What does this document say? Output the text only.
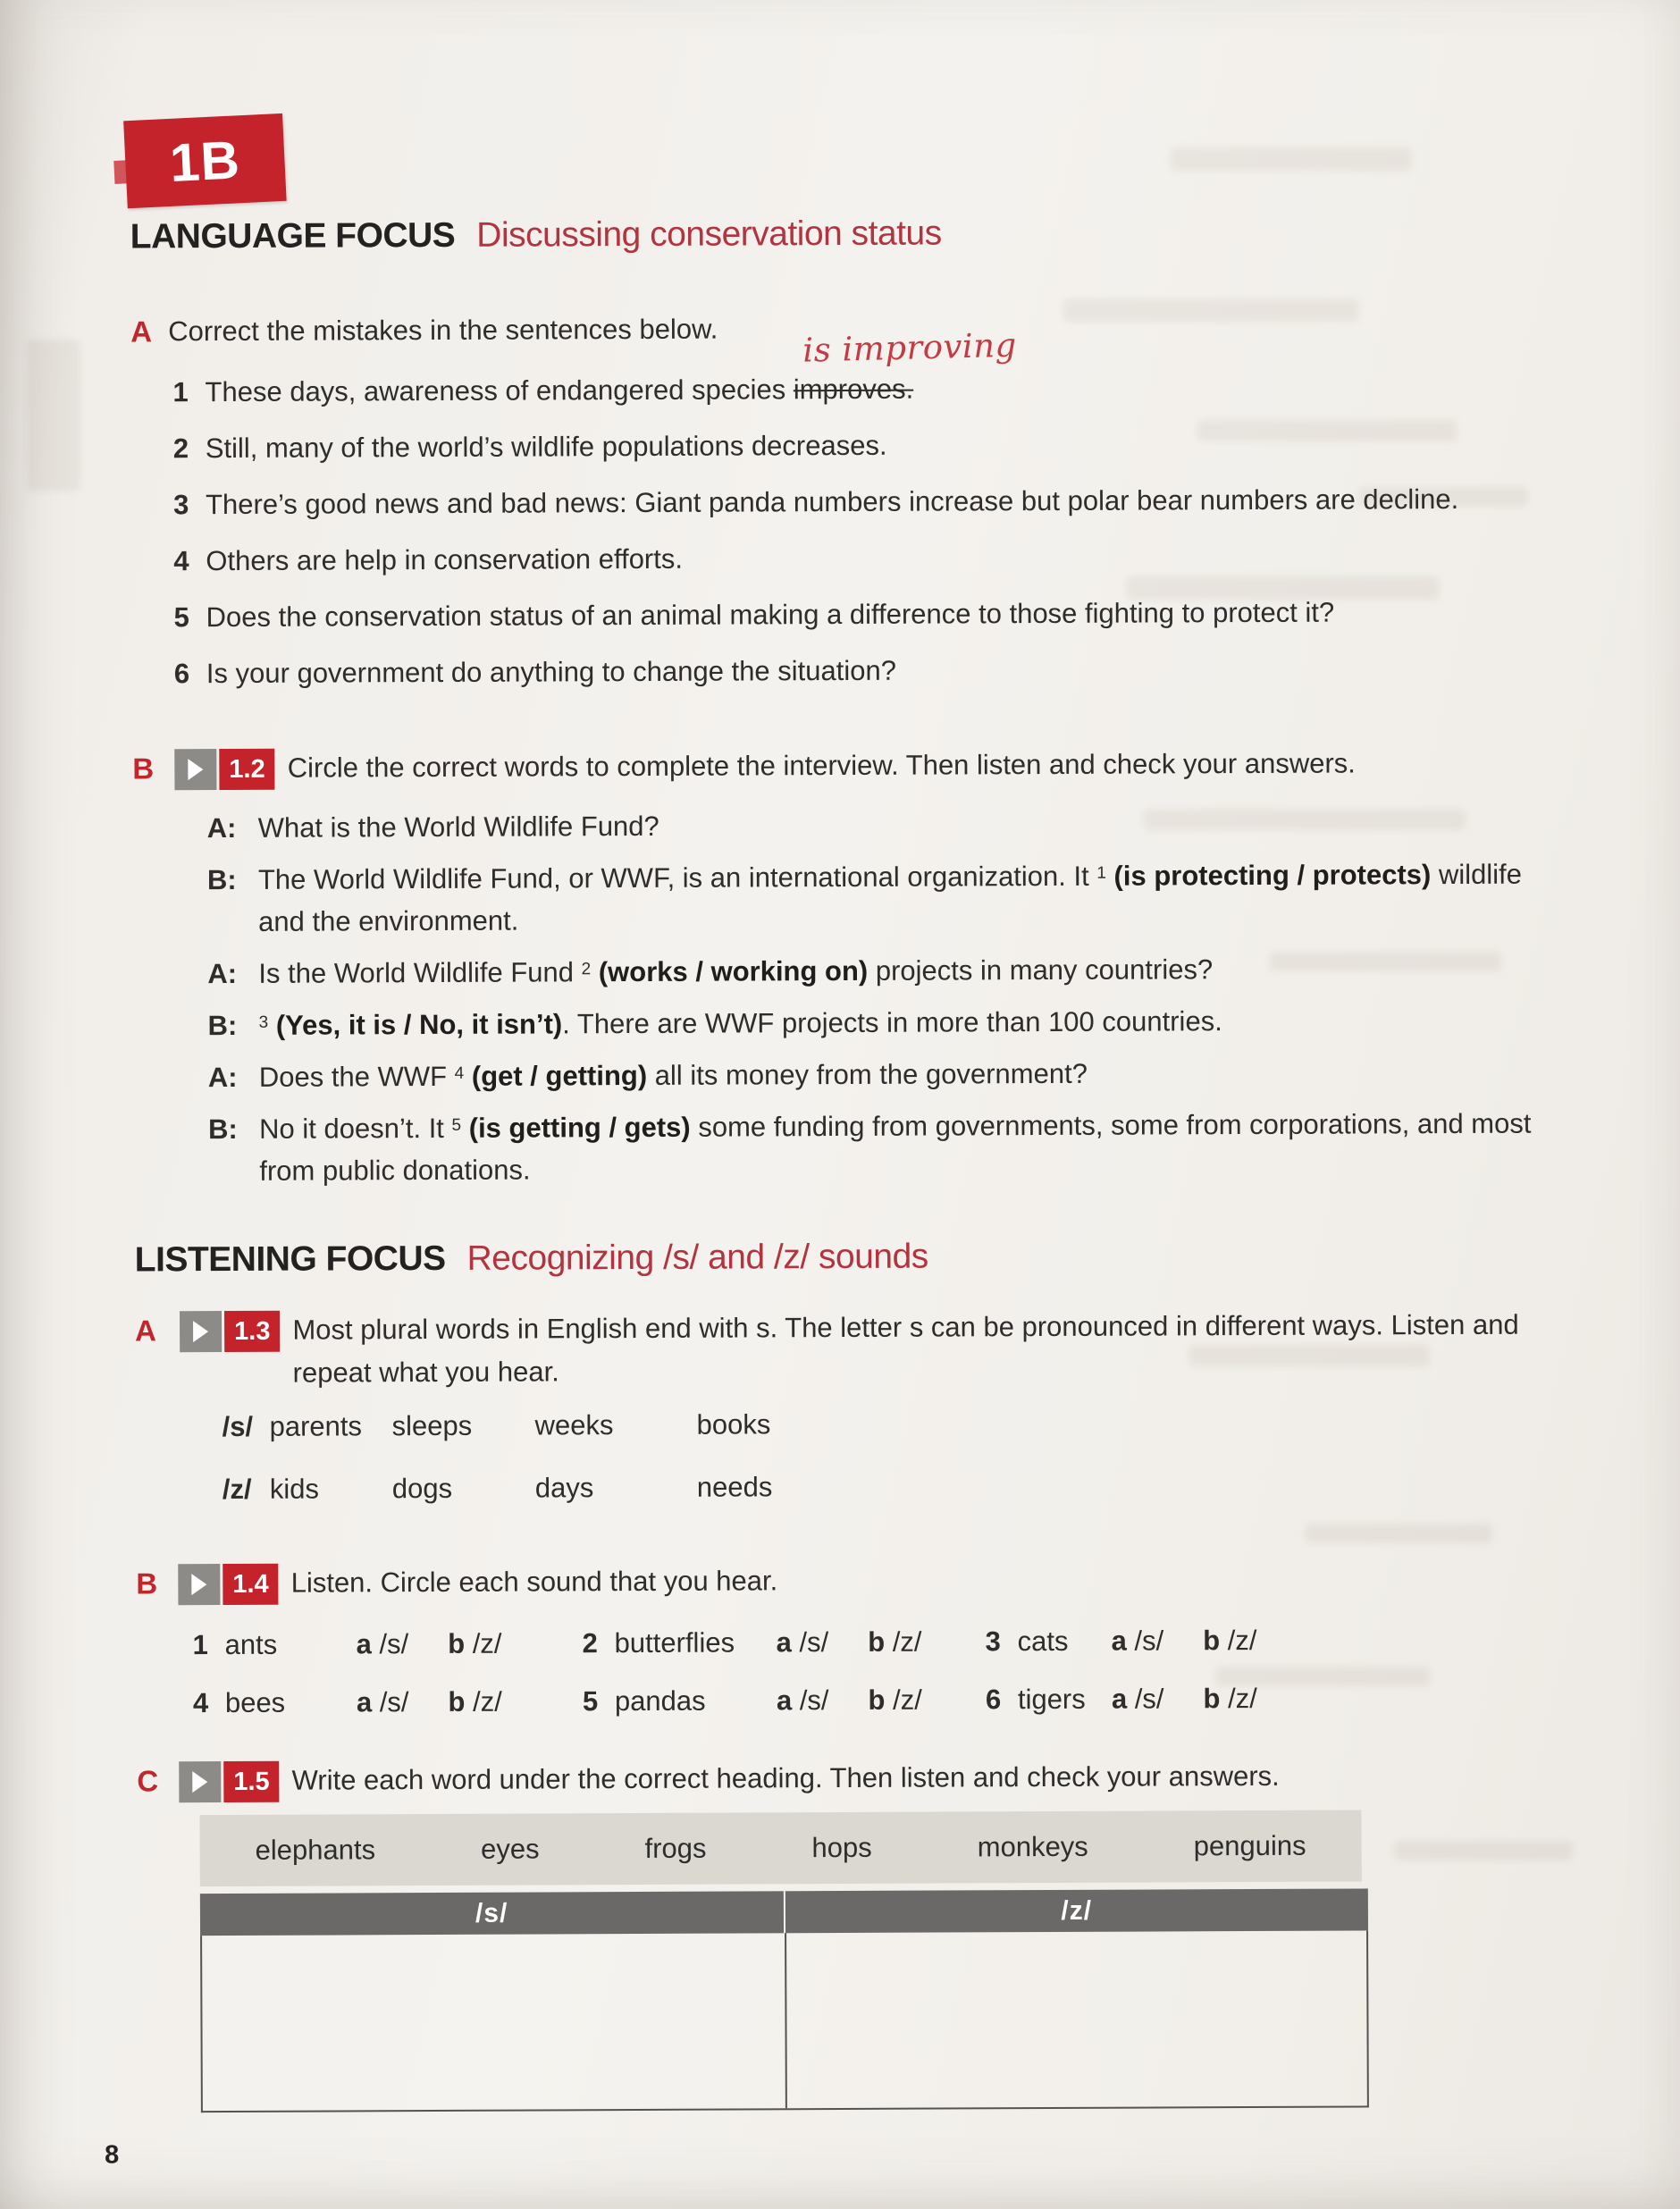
1B
LANGUAGE FOCUS Discussing conservation status
A Correct the mistakes in the sentences below.	is improving
1 These days, awareness of endangered species improves.
2 Still, many of the world’s wildlife populations decreases.
3 There’s good news and bad news: Giant panda numbers increase but polar bear numbers are decline.
4 Others are help in conservation efforts.
5 Does the conservation status of an animal making a difference to those fighting to protect it?
6 Is your government do anything to change the situation?
B	1.2 Circle the correct words to complete the interview. Then listen and check your answers.
A: What is the World Wildlife Fund?
B: The World Wildlife Fund, or WWF, is an international organization. It $^1$ (is protecting / protects) wildlife and the environment.
A: Is the World Wildlife Fund $^2$ (works / working on) projects in many countries?
B: $^3$ (Yes, it is / No, it isn’t). There are WWF projects in more than 100 countries.
A: Does the WWF $^4$ (get / getting) all its money from the government?
B: No it doesn’t. It $^5$ (is getting / gets) some funding from governments, some from corporations, and most from public donations.
LISTENING FOCUS Recognizing /s/ and /z/ sounds
A	1.3 Most plural words in English end with s. The letter s can be pronounced in different ways. Listen and repeat what you hear.
/s/ parents	sleeps	weeks	books
/z/ kids	dogs	days	needs
B	1.4 Listen. Circle each sound that you hear.
1 ants	a /s/ b /z/	2 butterflies	a /s/ b /z/ 3 cats	a /s/ b /z/
4 bees	a /s/ b /z/	5 pandas	a /s/ b /z/ 6 tigers a /s/ b /z/
C	1.5 Write each word under the correct heading. Then listen and check your answers.
elephants	eyes	frogs	hops	monkeys	penguins
/s/	/z/
8
